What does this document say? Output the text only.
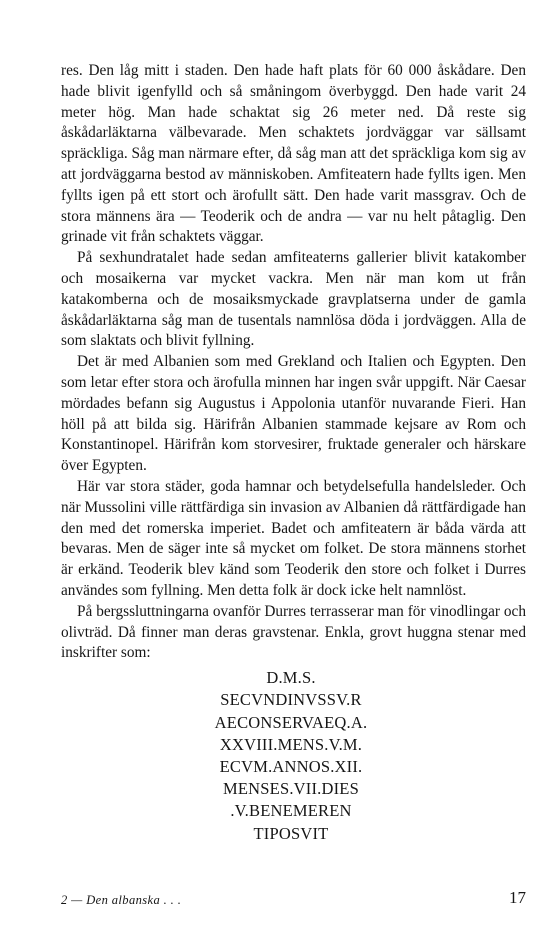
res. Den låg mitt i staden. Den hade haft plats för 60 000 åskådare. Den hade blivit igenfylld och så småningom överbyggd. Den hade varit 24 meter hög. Man hade schaktat sig 26 meter ned. Då reste sig åskådarläktarna välbevarade. Men schaktets jordväggar var sällsamt spräckliga. Såg man närmare efter, då såg man att det spräckliga kom sig av att jordväggarna bestod av människoben. Amfiteatern hade fyllts igen. Men fyllts igen på ett stort och ärofullt sätt. Den hade varit massgrav. Och de stora männens ära — Teoderik och de andra — var nu helt påtaglig. Den grinade vit från schaktets väggar.

På sexhundratalet hade sedan amfiteaterns gallerier blivit katakomber och mosaikerna var mycket vackra. Men när man kom ut från katakomberna och de mosaiksmyckade gravplatserna under de gamla åskådarläktarna såg man de tusentals namnlösa döda i jordväggen. Alla de som slaktats och blivit fyllning.

Det är med Albanien som med Grekland och Italien och Egypten. Den som letar efter stora och ärofulla minnen har ingen svår uppgift. När Caesar mördades befann sig Augustus i Appolonia utanför nuvarande Fieri. Han höll på att bilda sig. Härifrån Albanien stammade kejsare av Rom och Konstantinopel. Härifrån kom storvesirer, fruktade generaler och härskare över Egypten.

Här var stora städer, goda hamnar och betydelsefulla handelsleder. Och när Mussolini ville rättfärdiga sin invasion av Albanien då rättfärdigade han den med det romerska imperiet. Badet och amfiteatern är båda värda att bevaras. Men de säger inte så mycket om folket. De stora männens storhet är erkänd. Teoderik blev känd som Teoderik den store och folket i Durres användes som fyllning. Men detta folk är dock icke helt namnlöst.

På bergssluttningarna ovanför Durres terrasserar man för vinodlingar och olivträd. Då finner man deras gravstenar. Enkla, grovt huggna stenar med inskrifter som:

D.M.S.
SECVNDINVSSV.R
AECONSERVAEQ.A.
XXVIII.MENS.V.M.
ECVM.ANNOS.XII.
MENSES.VII.DIES
.V.BENEMEREN
TIPOSVIT
2 — Den albanska . . .	17
